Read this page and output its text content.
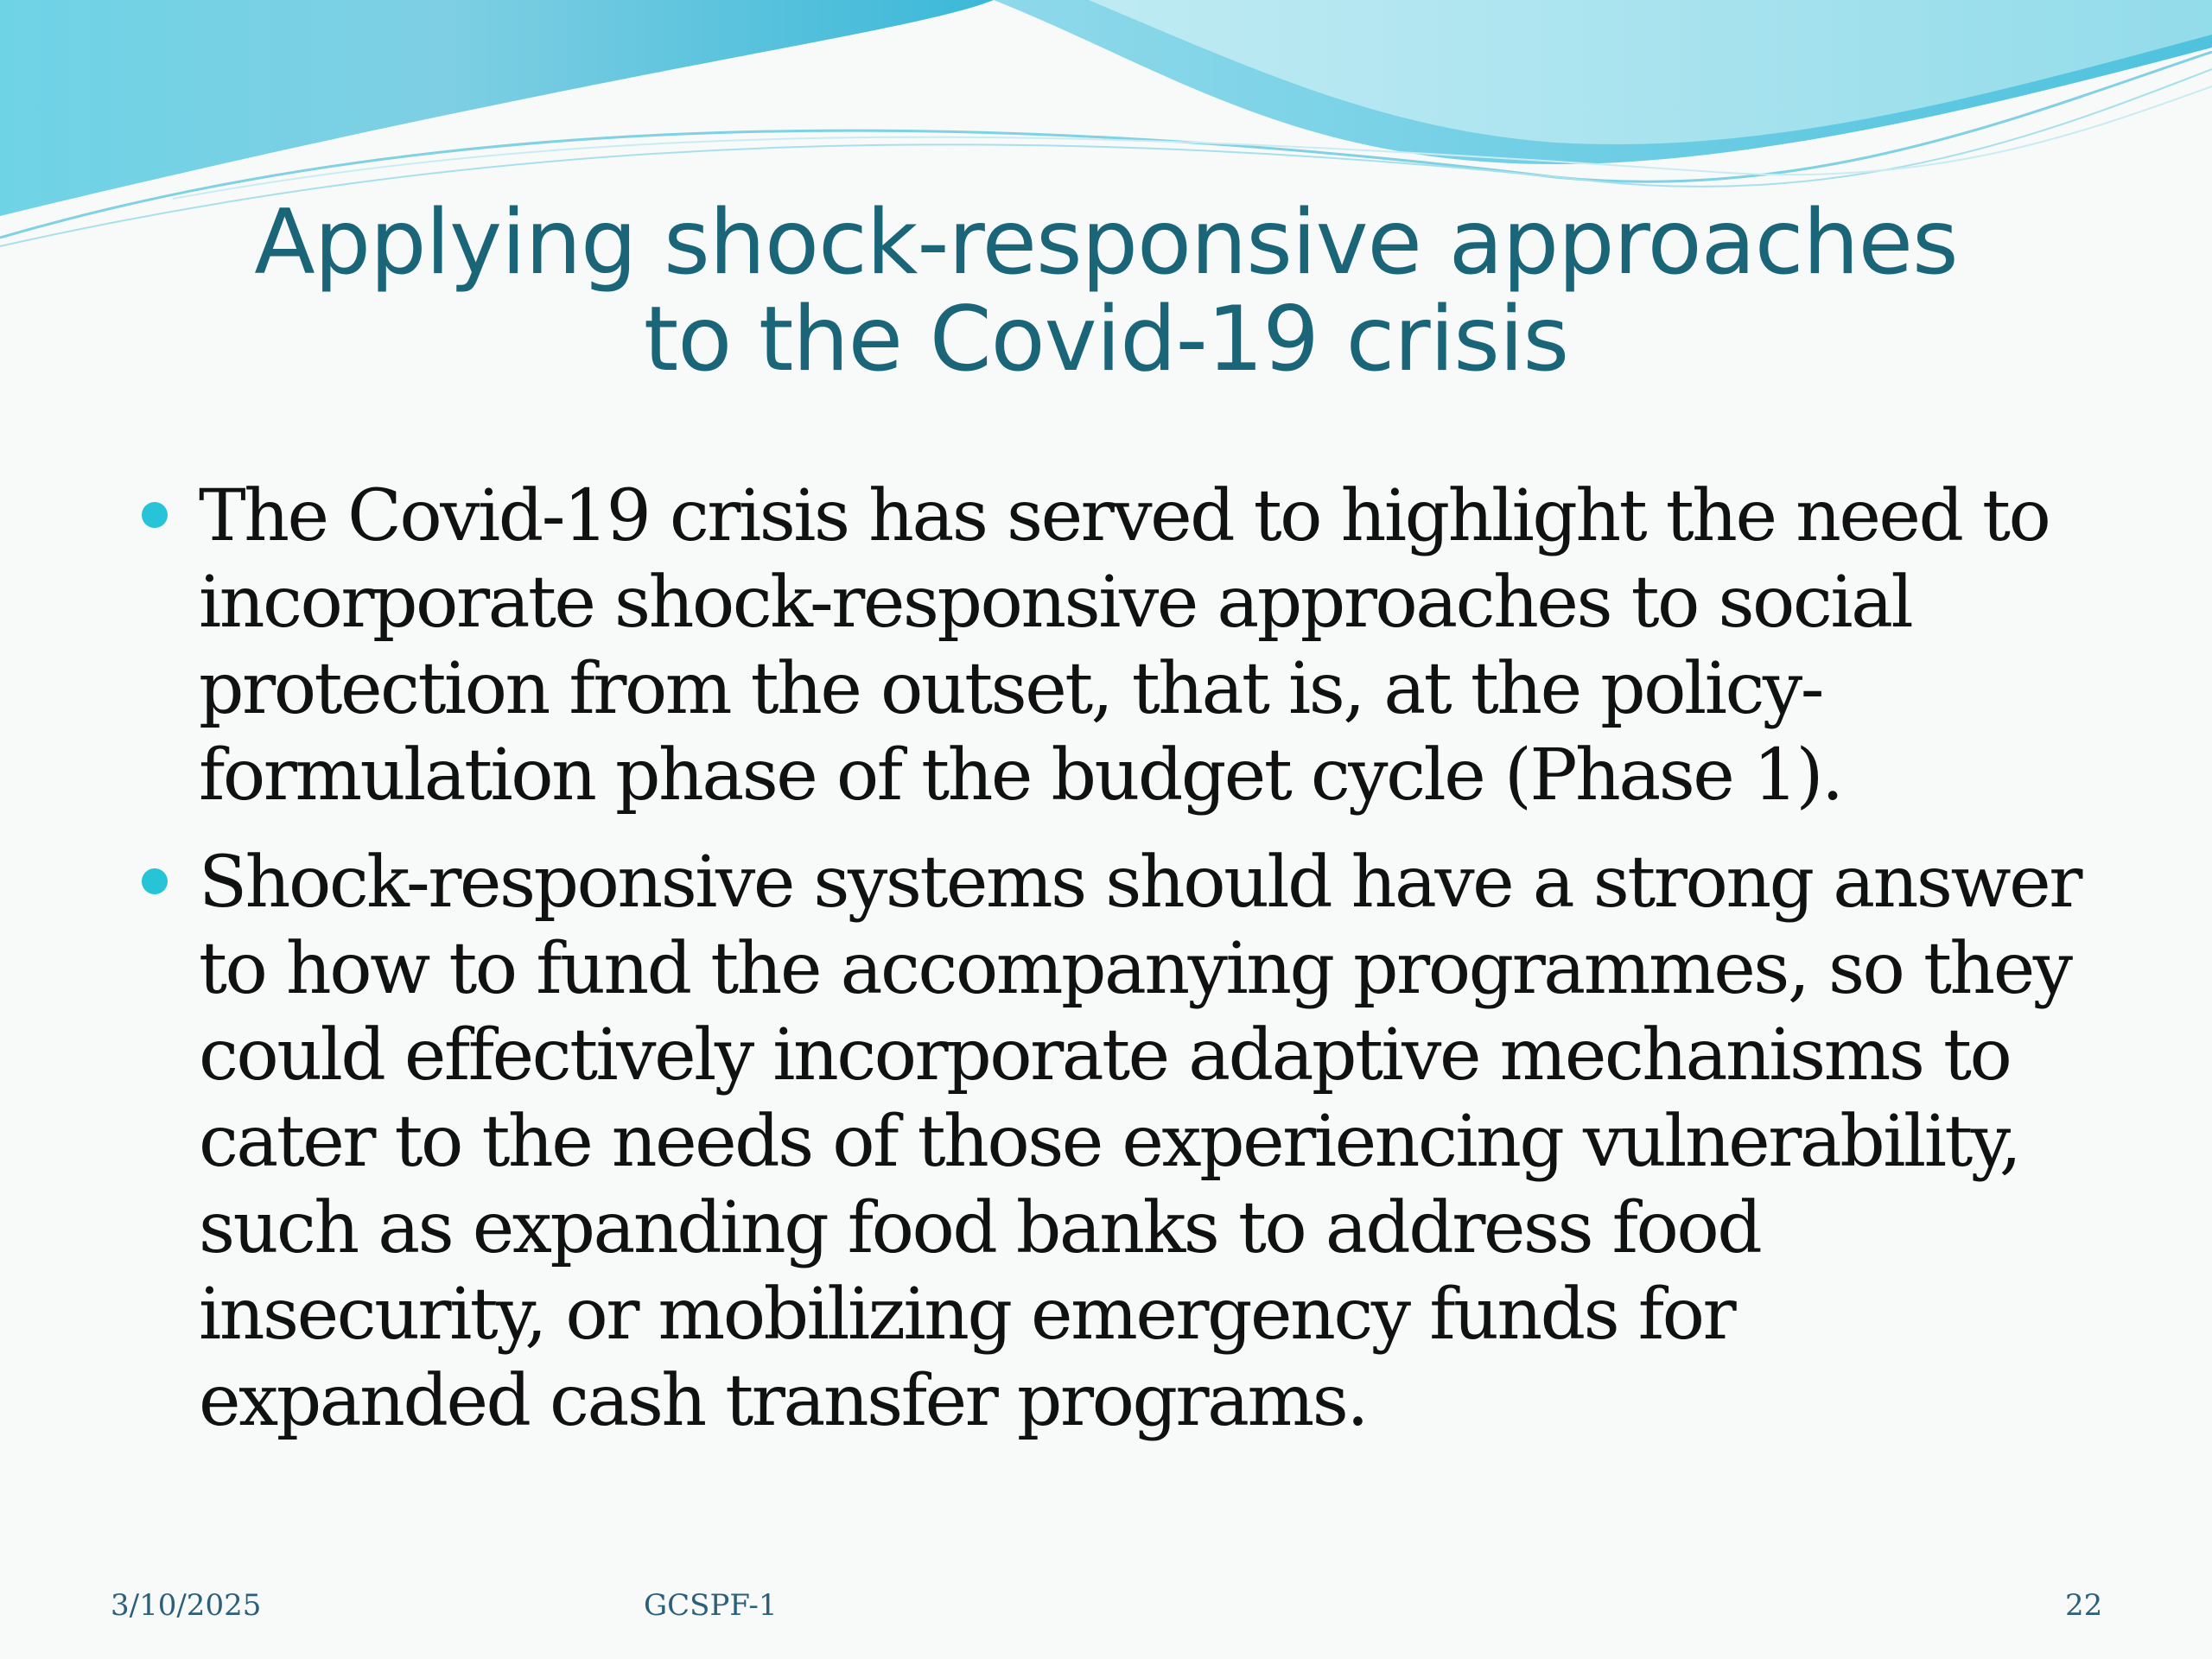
Applying shock-responsive approaches
to the Covid-19 crisis
The Covid-19 crisis has served to highlight the need to
incorporate shock-responsive approaches to social
protection from the outset, that is, at the policy-
formulation phase of the budget cycle (Phase 1).
Shock-responsive systems should have a strong answer
to how to fund the accompanying programmes, so they
could effectively incorporate adaptive mechanisms to
cater to the needs of those experiencing vulnerability,
such as expanding food banks to address food
insecurity, or mobilizing emergency funds for
expanded cash transfer programs.
3/10/2025	GCSPF-1	22
